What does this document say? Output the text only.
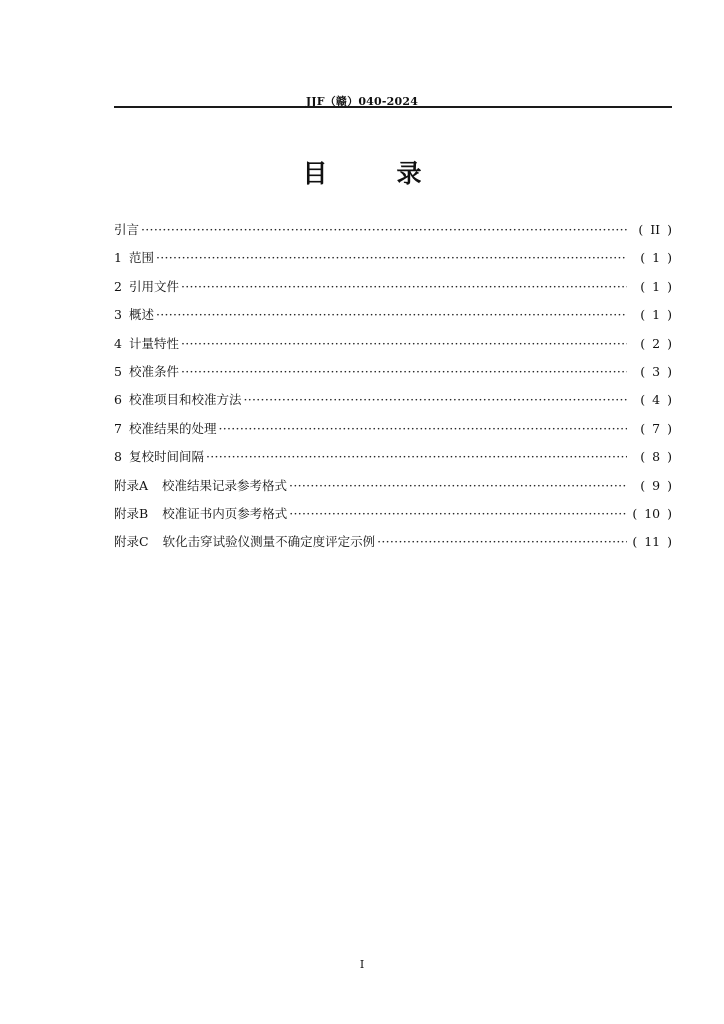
JJF（赣）040-2024
目　录
引言 ·····	( II )
1 范围 ·····	( 1 )
2 引用文件 ·····	( 1 )
3 概述 ·····	( 1 )
4 计量特性 ·····	( 2 )
5 校准条件 ·····	( 3 )
6 校准项目和校准方法 ·····	( 4 )
7 校准结果的处理 ·····	( 7 )
8 复校时间间隔 ·····	( 8 )
附录A 校准结果记录参考格式 ·····	( 9 )
附录B 校准证书内页参考格式 ·····	( 10 )
附录C 软化击穿试验仪测量不确定度评定示例 ·····	( 11 )
I
